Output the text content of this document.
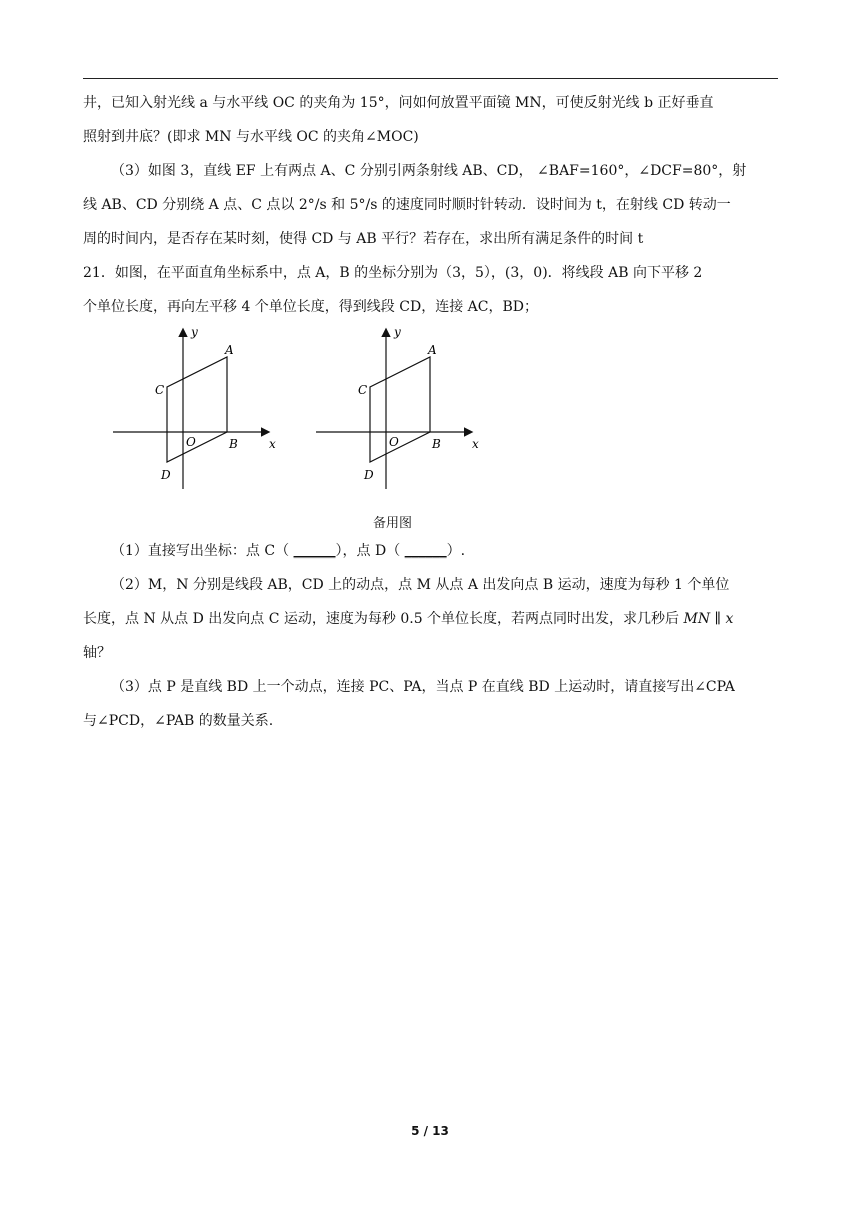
井，已知入射光线 a 与水平线 OC 的夹角为 15°，问如何放置平面镜 MN，可使反射光线 b 正好垂直
照射到井底？(即求 MN 与水平线 OC 的夹角∠MOC)
（3）如图 3，直线 EF 上有两点 A、C 分别引两条射线 AB、CD， ∠BAF=160°，∠DCF=80°，射
线 AB、CD 分别绕 A 点、C 点以 2°/s 和 5°/s 的速度同时顺时针转动．设时间为 t，在射线 CD 转动一
周的时间内，是否存在某时刻，使得 CD 与 AB 平行？若存在，求出所有满足条件的时间 t
21．如图，在平面直角坐标系中，点 A，B 的坐标分别为（3，5），(3，0)．将线段 AB 向下平移 2
个单位长度，再向左平移 4 个单位长度，得到线段 CD，连接 AC，BD；
y
x
A
B
C
D
O
y
x
A
B
C
D
O
备用图
（1）直接写出坐标：点 C（ ______），点 D（ ______）.
（2）M，N 分别是线段 AB，CD 上的动点，点 M 从点 A 出发向点 B 运动，速度为每秒 1 个单位
长度，点 N 从点 D 出发向点 C 运动，速度为每秒 0.5 个单位长度，若两点同时出发，求几秒后 MN ∥ x
轴？
（3）点 P 是直线 BD 上一个动点，连接 PC、PA，当点 P 在直线 BD 上运动时，请直接写出∠CPA
与∠PCD，∠PAB 的数量关系.
5 / 13
